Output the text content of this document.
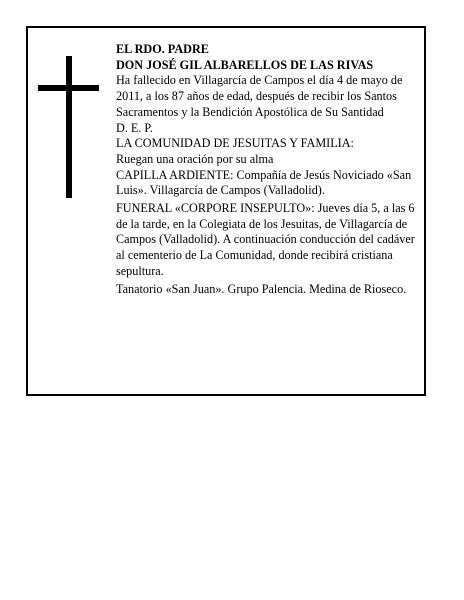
EL RDO. PADRE

DON JOSÉ GIL ALBARELLOS DE LAS RIVAS

Ha fallecido en Villagarcía de Campos el día 4 de mayo de 2011, a los 87 años de edad, después de recibir los Santos Sacramentos y la Bendición Apostólica de Su Santidad

D. E. P.

LA COMUNIDAD DE JESUITAS Y FAMILIA:

Ruegan una oración por su alma

CAPILLA ARDIENTE: Compañía de Jesús Noviciado «San Luis». Villagarcía de Campos (Valladolid).

FUNERAL «CORPORE INSEPULTO»: Jueves día 5, a las 6 de la tarde, en la Colegiata de los Jesuitas, de Villagarcía de Campos (Valladolid). A continuación conducción del cadáver al cementerio de La Comunidad, donde recibirá cristiana sepultura.

Tanatorio «San Juan». Grupo Palencia. Medina de Rioseco.
